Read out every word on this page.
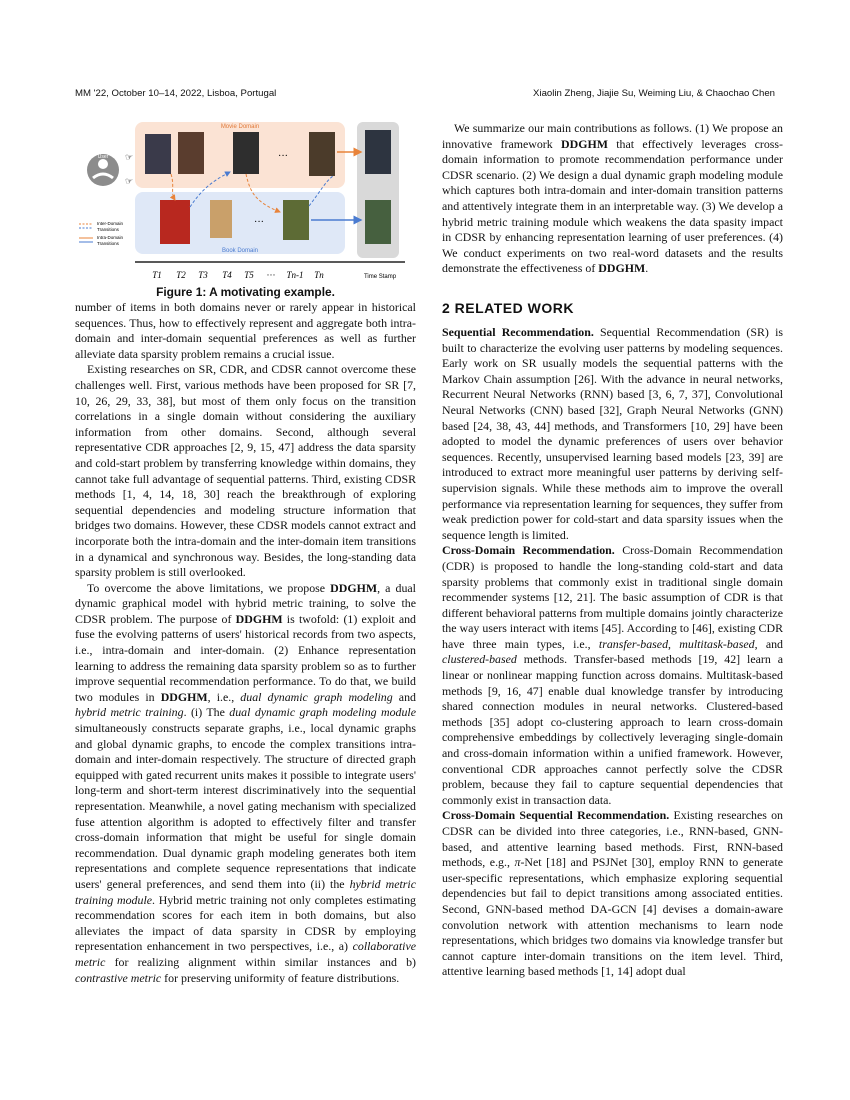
MM '22, October 10–14, 2022, Lisboa, Portugal	Xiaolin Zheng, Jiajie Su, Weiming Liu, & Chaochao Chen
Movie Domain
Book Domain
···
···
User ☞
☞
Inter-Domain
Transitions
Intra-Domain
Transitions
T1 T2 T3 T4 T5 ··· Tn-1 Tn	Time Stamp
Figure 1: A motivating example.

number of items in both domains never or rarely appear in historical sequences. Thus, how to effectively represent and aggregate both intra-domain and inter-domain sequential preferences as well as further alleviate data sparsity problem remains a crucial issue.

Existing researches on SR, CDR, and CDSR cannot overcome these challenges well. First, various methods have been proposed for SR [7, 10, 26, 29, 33, 38], but most of them only focus on the transition correlations in a single domain without considering the auxiliary information from other domains. Second, although several representative CDR approaches [2, 9, 15, 47] address the data sparsity and cold-start problem by transferring knowledge within domains, they cannot take full advantage of sequential patterns. Third, existing CDSR methods [1, 4, 14, 18, 30] reach the breakthrough of exploring sequential dependencies and modeling structure information that bridges two domains. However, these CDSR models cannot extract and incorporate both the intra-domain and the inter-domain item transitions in a dynamical and synchronous way. Besides, the long-standing data sparsity problem is still overlooked.

To overcome the above limitations, we propose DDGHM, a dual dynamic graphical model with hybrid metric training, to solve the CDSR problem. The purpose of DDGHM is twofold: (1) exploit and fuse the evolving patterns of users' historical records from two aspects, i.e., intra-domain and inter-domain. (2) Enhance representation learning to address the remaining data sparsity problem so as to further improve sequential recommendation performance. To do that, we build two modules in DDGHM, i.e., dual dynamic graph modeling and hybrid metric training. (i) The dual dynamic graph modeling module simultaneously constructs separate graphs, i.e., local dynamic graphs and global dynamic graphs, to encode the complex transitions intra-domain and inter-domain respectively. The structure of directed graph equipped with gated recurrent units makes it possible to integrate users' long-term and short-term interest discriminatively into the sequential representation. Meanwhile, a novel gating mechanism with specialized fuse attention algorithm is adopted to effectively filter and transfer cross-domain information that might be useful for single domain recommendation. Dual dynamic graph modeling generates both item representations and complete sequence representations that indicate users' general preferences, and send them into (ii) the hybrid metric training module. Hybrid metric training not only completes estimating recommendation scores for each item in both domains, but also alleviates the impact of data sparsity in CDSR by employing representation enhancement in two perspectives, i.e., a) collaborative metric for realizing alignment within similar instances and b) contrastive metric for preserving uniformity of feature distributions.

We summarize our main contributions as follows. (1) We propose an innovative framework DDGHM that effectively leverages cross-domain information to promote recommendation performance under CDSR scenario. (2) We design a dual dynamic graph modeling module which captures both intra-domain and inter-domain transition patterns and attentively integrate them in an interpretable way. (3) We develop a hybrid metric training module which weakens the data spasity impact in CDSR by enhancing representation learning of user preferences. (4) We conduct experiments on two real-word datasets and the results demonstrate the effectiveness of DDGHM.

2 RELATED WORK

Sequential Recommendation. Sequential Recommendation (SR) is built to characterize the evolving user patterns by modeling sequences. Early work on SR usually models the sequential patterns with the Markov Chain assumption [26]. With the advance in neural networks, Recurrent Neural Networks (RNN) based [3, 6, 7, 37], Convolutional Neural Networks (CNN) based [32], Graph Neural Networks (GNN) based [24, 38, 43, 44] methods, and Transformers [10, 29] have been adopted to model the dynamic preferences of users over behavior sequences. Recently, unsupervised learning based models [23, 39] are introduced to extract more meaningful user patterns by deriving self-supervision signals. While these methods aim to improve the overall performance via representation learning for sequences, they suffer from weak prediction power for cold-start and data sparsity issues when the sequence length is limited.

Cross-Domain Recommendation. Cross-Domain Recommendation (CDR) is proposed to handle the long-standing cold-start and data sparsity problems that commonly exist in traditional single domain recommender systems [12, 21]. The basic assumption of CDR is that different behavioral patterns from multiple domains jointly characterize the way users interact with items [45]. According to [46], existing CDR have three main types, i.e., transfer-based, multitask-based, and clustered-based methods. Transfer-based methods [19, 42] learn a linear or nonlinear mapping function across domains. Multitask-based methods [9, 16, 47] enable dual knowledge transfer by introducing shared connection modules in neural networks. Clustered-based methods [35] adopt co-clustering approach to learn cross-domain comprehensive embeddings by collectively leveraging single-domain and cross-domain information within a unified framework. However, conventional CDR approaches cannot perfectly solve the CDSR problem, because they fail to capture sequential dependencies that commonly exist in transaction data.

Cross-Domain Sequential Recommendation. Existing researches on CDSR can be divided into three categories, i.e., RNN-based, GNN-based, and attentive learning based methods. First, RNN-based methods, e.g., π-Net [18] and PSJNet [30], employ RNN to generate user-specific representations, which emphasize exploring sequential dependencies but fail to depict transitions among associated entities. Second, GNN-based method DA-GCN [4] devises a domain-aware convolution network with attention mechanisms to learn node representations, which bridges two domains via knowledge transfer but cannot capture inter-domain transitions on the item level. Third, attentive learning based methods [1, 14] adopt dual
